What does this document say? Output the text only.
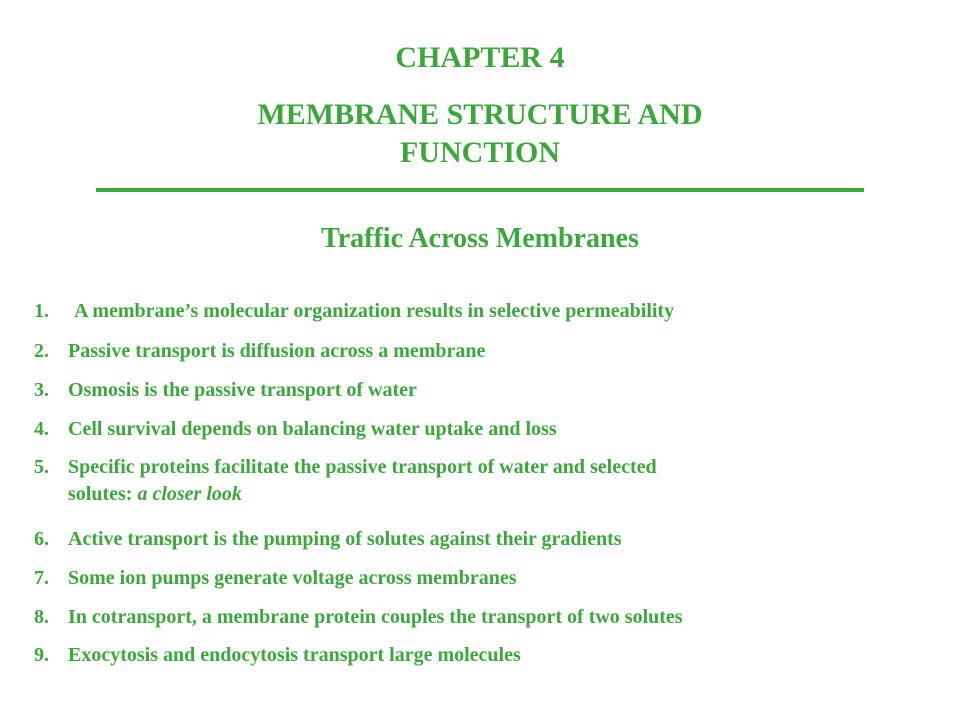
CHAPTER 4
MEMBRANE STRUCTURE AND
FUNCTION
Traffic Across Membranes
1. A membrane’s molecular organization results in selective permeability
2. Passive transport is diffusion across a membrane
3. Osmosis is the passive transport of water
4. Cell survival depends on balancing water uptake and loss
5. Specific proteins facilitate the passive transport of water and selected
solutes: a closer look
6. Active transport is the pumping of solutes against their gradients
7. Some ion pumps generate voltage across membranes
8. In cotransport, a membrane protein couples the transport of two solutes
9. Exocytosis and endocytosis transport large molecules
